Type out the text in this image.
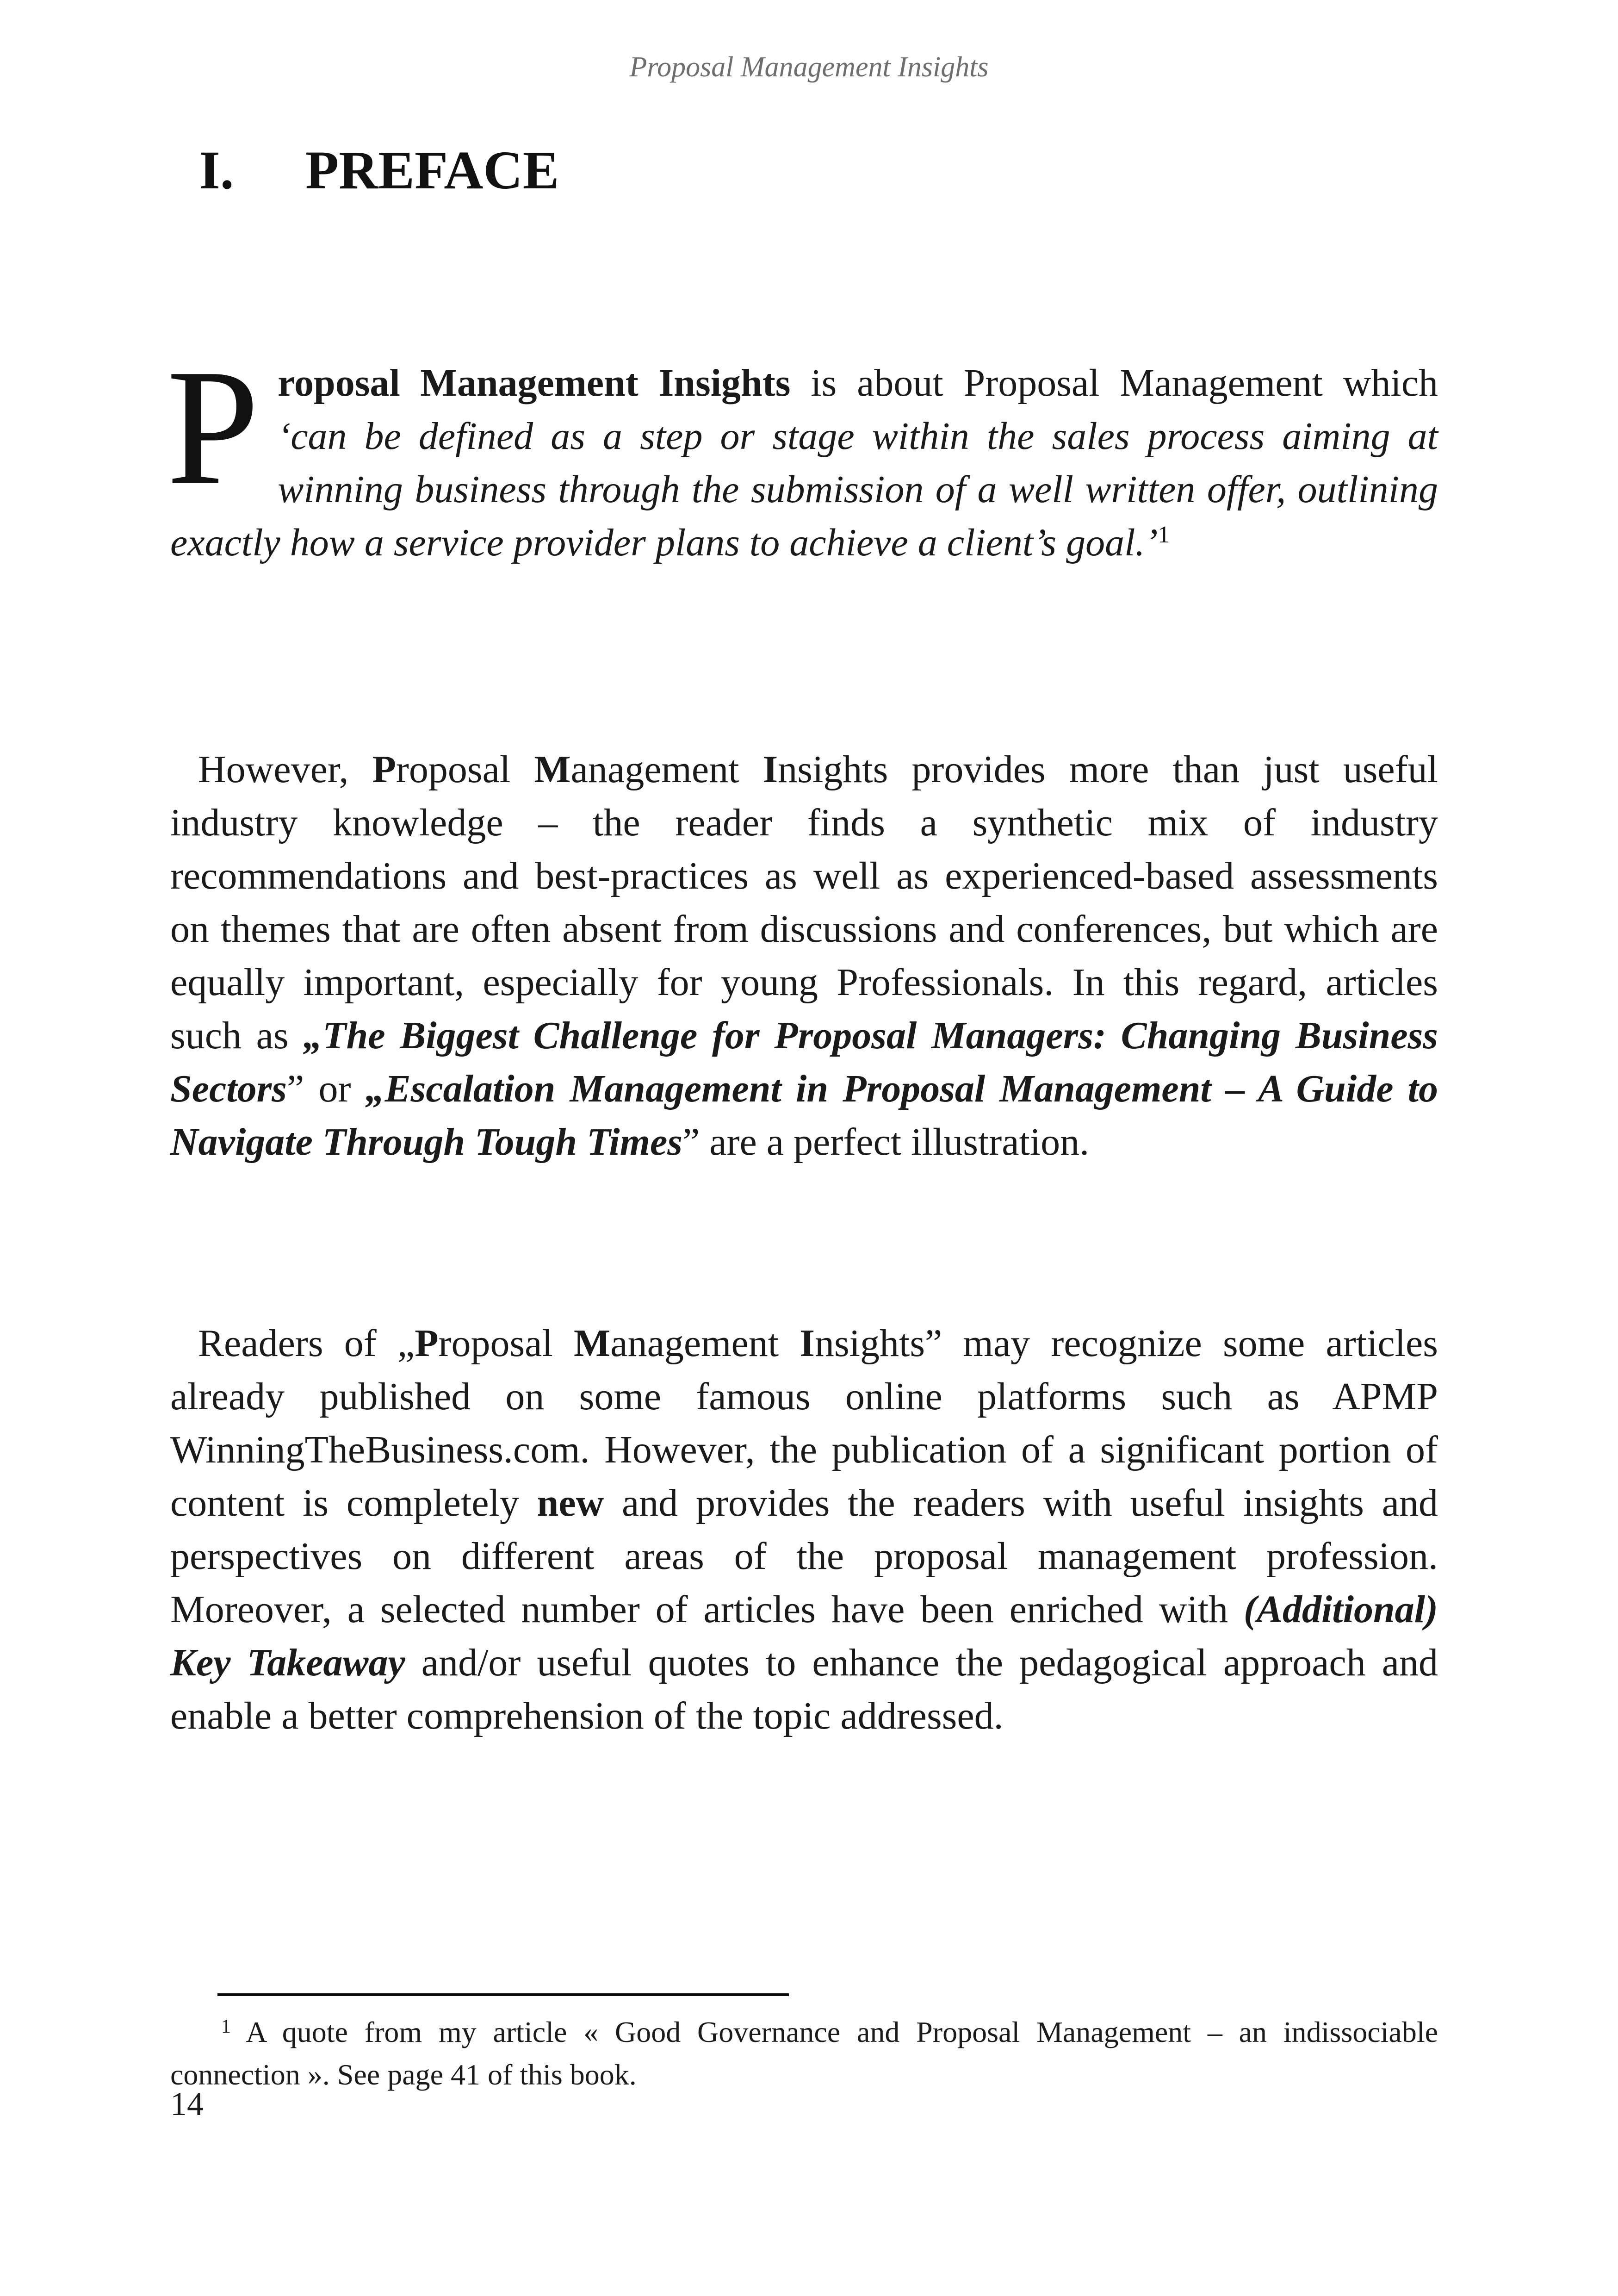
Proposal Management Insights
I. PREFACE

Proposal Management Insights is about Proposal Management which ‘can be defined as a step or stage within the sales process aiming at winning business through the submission of a well written offer, outlining exactly how a service provider plans to achieve a client’s goal.’$^1$

However, Proposal Management Insights provides more than just useful industry knowledge – the reader finds a synthetic mix of industry recommendations and best-practices as well as experienced-based assessments on themes that are often absent from discussions and conferences, but which are equally important, especially for young Professionals. In this regard, articles such as „The Biggest Challenge for Proposal Managers: Changing Business Sectors” or „Escalation Management in Proposal Management – A Guide to Navigate Through Tough Times” are a perfect illustration.

Readers of „Proposal Management Insights” may recognize some articles already published on some famous online platforms such as APMP WinningTheBusiness.com. However, the publication of a significant portion of content is completely new and provides the readers with useful insights and perspectives on different areas of the proposal management profession. Moreover, a selected number of articles have been enriched with (Additional) Key Takeaway and/or useful quotes to enhance the pedagogical approach and enable a better comprehension of the topic addressed.

$^1$ A quote from my article « Good Governance and Proposal Management – an indissociable connection ». See page 41 of this book.

14
